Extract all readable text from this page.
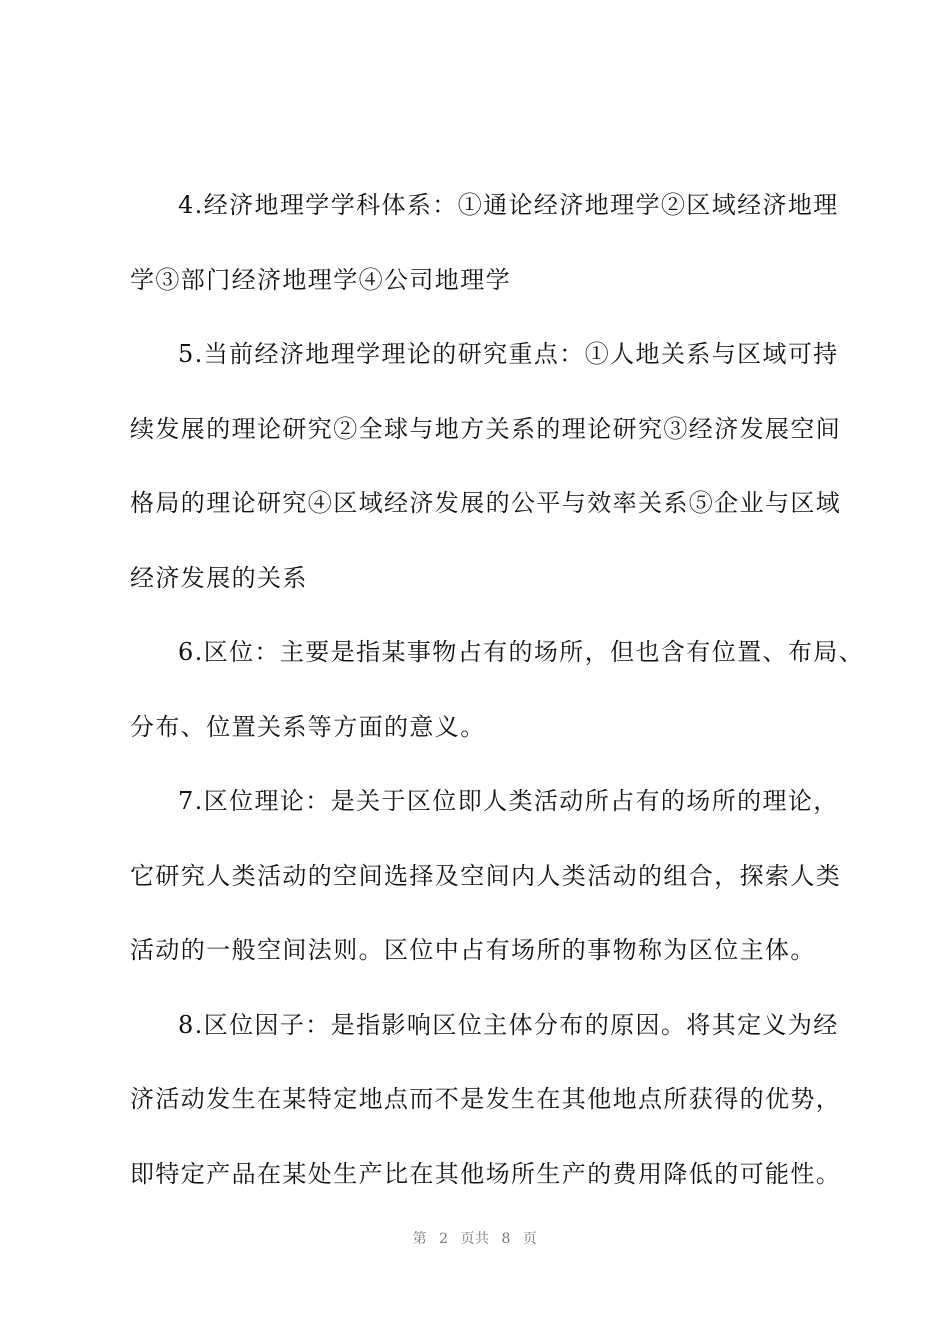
4.经济地理学学科体系：①通论经济地理学②区域经济地理
学③部门经济地理学④公司地理学

5.当前经济地理学理论的研究重点：①人地关系与区域可持
续发展的理论研究②全球与地方关系的理论研究③经济发展空间
格局的理论研究④区域经济发展的公平与效率关系⑤企业与区域
经济发展的关系

6.区位：主要是指某事物占有的场所，但也含有位置、布局、
分布、位置关系等方面的意义。

7.区位理论：是关于区位即人类活动所占有的场所的理论，
它研究人类活动的空间选择及空间内人类活动的组合，探索人类
活动的一般空间法则。区位中占有场所的事物称为区位主体。

8.区位因子：是指影响区位主体分布的原因。将其定义为经
济活动发生在某特定地点而不是发生在其他地点所获得的优势，
即特定产品在某处生产比在其他场所生产的费用降低的可能性。

第 2 页共 8 页
